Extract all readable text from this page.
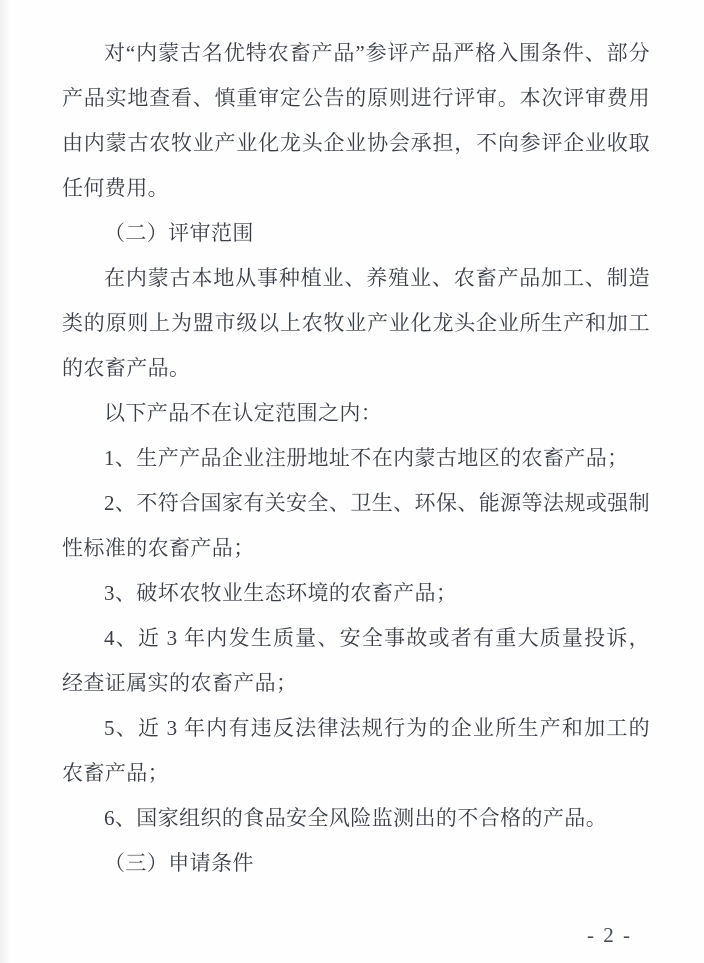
对“内蒙古名优特农畜产品”参评产品严格入围条件、部分产品实地查看、慎重审定公告的原则进行评审。本次评审费用由内蒙古农牧业产业化龙头企业协会承担，不向参评企业收取任何费用。

（二）评审范围

在内蒙古本地从事种植业、养殖业、农畜产品加工、制造类的原则上为盟市级以上农牧业产业化龙头企业所生产和加工的农畜产品。

以下产品不在认定范围之内：

1、生产产品企业注册地址不在内蒙古地区的农畜产品；

2、不符合国家有关安全、卫生、环保、能源等法规或强制性标准的农畜产品；

3、破坏农牧业生态环境的农畜产品；

4、近 3 年内发生质量、安全事故或者有重大质量投诉，经查证属实的农畜产品；

5、近 3 年内有违反法律法规行为的企业所生产和加工的农畜产品；

6、国家组织的食品安全风险监测出的不合格的产品。

（三）申请条件

- 2 -
